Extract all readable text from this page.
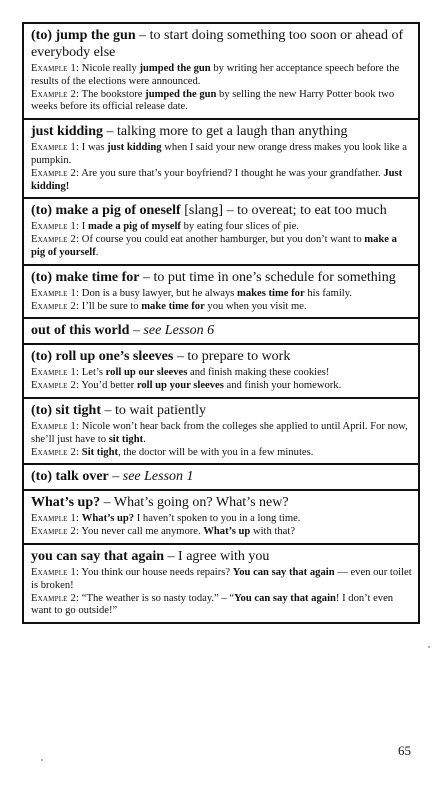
(to) jump the gun – to start doing something too soon or ahead of everybody else
Example 1: Nicole really jumped the gun by writing her acceptance speech before the results of the elections were announced.
Example 2: The bookstore jumped the gun by selling the new Harry Potter book two weeks before its official release date.
just kidding – talking more to get a laugh than anything
Example 1: I was just kidding when I said your new orange dress makes you look like a pumpkin.
Example 2: Are you sure that’s your boyfriend? I thought he was your grandfather. Just kidding!
(to) make a pig of oneself [slang] – to overeat; to eat too much
Example 1: I made a pig of myself by eating four slices of pie.
Example 2: Of course you could eat another hamburger, but you don’t want to make a pig of yourself.
(to) make time for – to put time in one’s schedule for something
Example 1: Don is a busy lawyer, but he always makes time for his family.
Example 2: I’ll be sure to make time for you when you visit me.
out of this world – see Lesson 6
(to) roll up one’s sleeves – to prepare to work
Example 1: Let’s roll up our sleeves and finish making these cookies!
Example 2: You’d better roll up your sleeves and finish your homework.
(to) sit tight – to wait patiently
Example 1: Nicole won’t hear back from the colleges she applied to until April. For now, she’ll just have to sit tight.
Example 2: Sit tight, the doctor will be with you in a few minutes.
(to) talk over – see Lesson 1
What’s up? – What’s going on? What’s new?
Example 1: What’s up? I haven’t spoken to you in a long time.
Example 2: You never call me anymore. What’s up with that?
you can say that again – I agree with you
Example 1: You think our house needs repairs? You can say that again — even our toilet is broken!
Example 2: “The weather is so nasty today.” – “You can say that again! I don’t even want to go outside!”
65
